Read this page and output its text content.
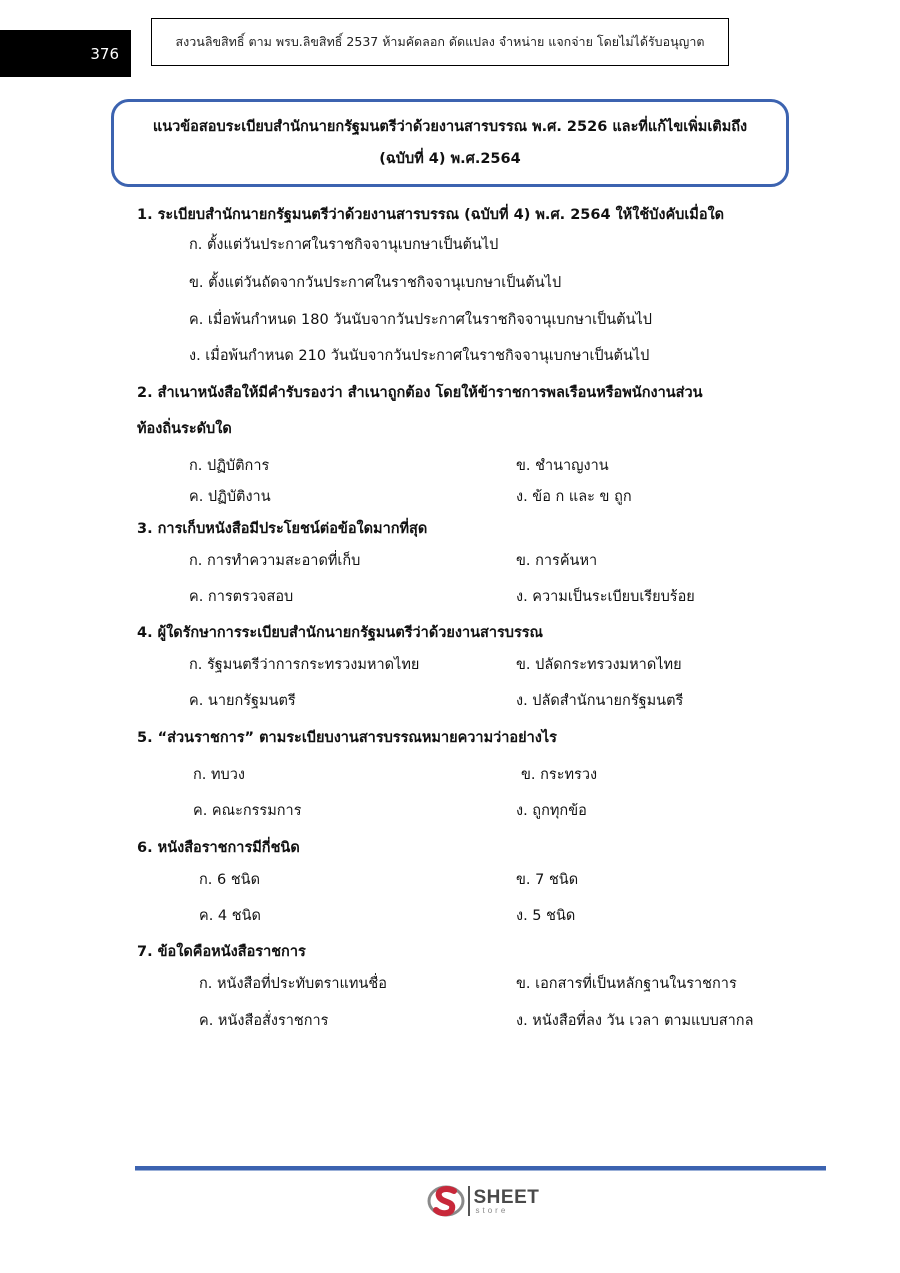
376
สงวนลิขสิทธิ์ ตาม พรบ.ลิขสิทธิ์ 2537 ห้ามคัดลอก ดัดแปลง จำหน่าย แจกจ่าย โดยไม่ได้รับอนุญาต
แนวข้อสอบระเบียบสำนักนายกรัฐมนตรีว่าด้วยงานสารบรรณ พ.ศ. 2526 และที่แก้ไขเพิ่มเติมถึง
(ฉบับที่ 4) พ.ศ.2564
1. ระเบียบสำนักนายกรัฐมนตรีว่าด้วยงานสารบรรณ (ฉบับที่ 4) พ.ศ. 2564 ให้ใช้บังคับเมื่อใด
ก. ตั้งแต่วันประกาศในราชกิจจานุเบกษาเป็นต้นไป
ข. ตั้งแต่วันถัดจากวันประกาศในราชกิจจานุเบกษาเป็นต้นไป
ค. เมื่อพ้นกำหนด 180 วันนับจากวันประกาศในราชกิจจานุเบกษาเป็นต้นไป
ง. เมื่อพ้นกำหนด 210 วันนับจากวันประกาศในราชกิจจานุเบกษาเป็นต้นไป
2. สำเนาหนังสือให้มีคำรับรองว่า สำเนาถูกต้อง โดยให้ข้าราชการพลเรือนหรือพนักงานส่วน
ท้องถิ่นระดับใด
ก. ปฏิบัติการ	ข. ชำนาญงาน
ค. ปฏิบัติงาน	ง. ข้อ ก และ ข ถูก
3. การเก็บหนังสือมีประโยชน์ต่อข้อใดมากที่สุด
ก. การทำความสะอาดที่เก็บ	ข. การค้นหา
ค. การตรวจสอบ	ง. ความเป็นระเบียบเรียบร้อย
4. ผู้ใดรักษาการระเบียบสำนักนายกรัฐมนตรีว่าด้วยงานสารบรรณ
ก. รัฐมนตรีว่าการกระทรวงมหาดไทย	ข. ปลัดกระทรวงมหาดไทย
ค. นายกรัฐมนตรี	ง. ปลัดสำนักนายกรัฐมนตรี
5. “ส่วนราชการ” ตามระเบียบงานสารบรรณหมายความว่าอย่างไร
ก. ทบวง	ข. กระทรวง
ค. คณะกรรมการ	ง. ถูกทุกข้อ
6. หนังสือราชการมีกี่ชนิด
ก. 6 ชนิด	ข. 7 ชนิด
ค. 4 ชนิด	ง. 5 ชนิด
7. ข้อใดคือหนังสือราชการ
ก. หนังสือที่ประทับตราแทนชื่อ	ข. เอกสารที่เป็นหลักฐานในราชการ
ค. หนังสือสั่งราชการ	ง. หนังสือที่ลง วัน เวลา ตามแบบสากล
SHEET
store
